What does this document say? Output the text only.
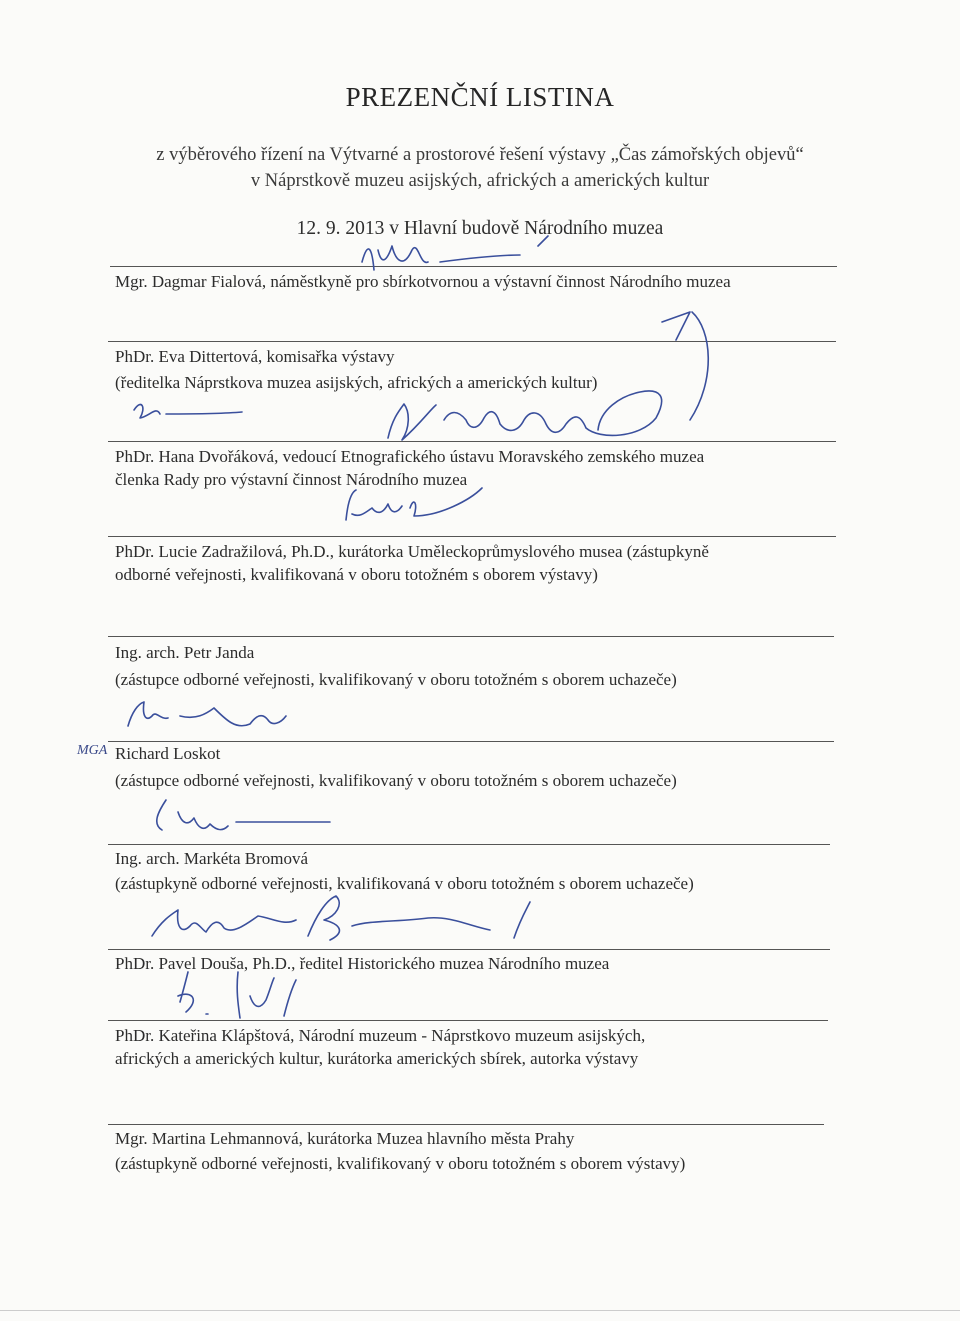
PREZENČNÍ LISTINA
z výběrového řízení na Výtvarné a prostorové řešení výstavy „Čas zámořských objevů“
v Náprstkově muzeu asijských, afrických a amerických kultur
12. 9. 2013 v Hlavní budově Národního muzea
Mgr. Dagmar Fialová, náměstkyně pro sbírkotvornou a výstavní činnost Národního muzea
PhDr. Eva Dittertová, komisařka výstavy
(ředitelka Náprstkova muzea asijských, afrických a amerických kultur)
PhDr. Hana Dvořáková, vedoucí Etnografického ústavu Moravského zemského muzea
členka Rady pro výstavní činnost Národního muzea
PhDr. Lucie Zadražilová, Ph.D., kurátorka Uměleckoprůmyslového musea (zástupkyně
odborné veřejnosti, kvalifikovaná v oboru totožném s oborem výstavy)
Ing. arch. Petr Janda
(zástupce odborné veřejnosti, kvalifikovaný v oboru totožném s oborem uchazeče)
MGA Richard Loskot
(zástupce odborné veřejnosti, kvalifikovaný v oboru totožném s oborem uchazeče)
Ing. arch. Markéta Bromová
(zástupkyně odborné veřejnosti, kvalifikovaná v oboru totožném s oborem uchazeče)
PhDr. Pavel Douša, Ph.D., ředitel Historického muzea Národního muzea
PhDr. Kateřina Klápštová, Národní muzeum - Náprstkovo muzeum asijských,
afrických a amerických kultur, kurátorka amerických sbírek, autorka výstavy
Mgr. Martina Lehmannová, kurátorka Muzea hlavního města Prahy
(zástupkyně odborné veřejnosti, kvalifikovaný v oboru totožném s oborem výstavy)
